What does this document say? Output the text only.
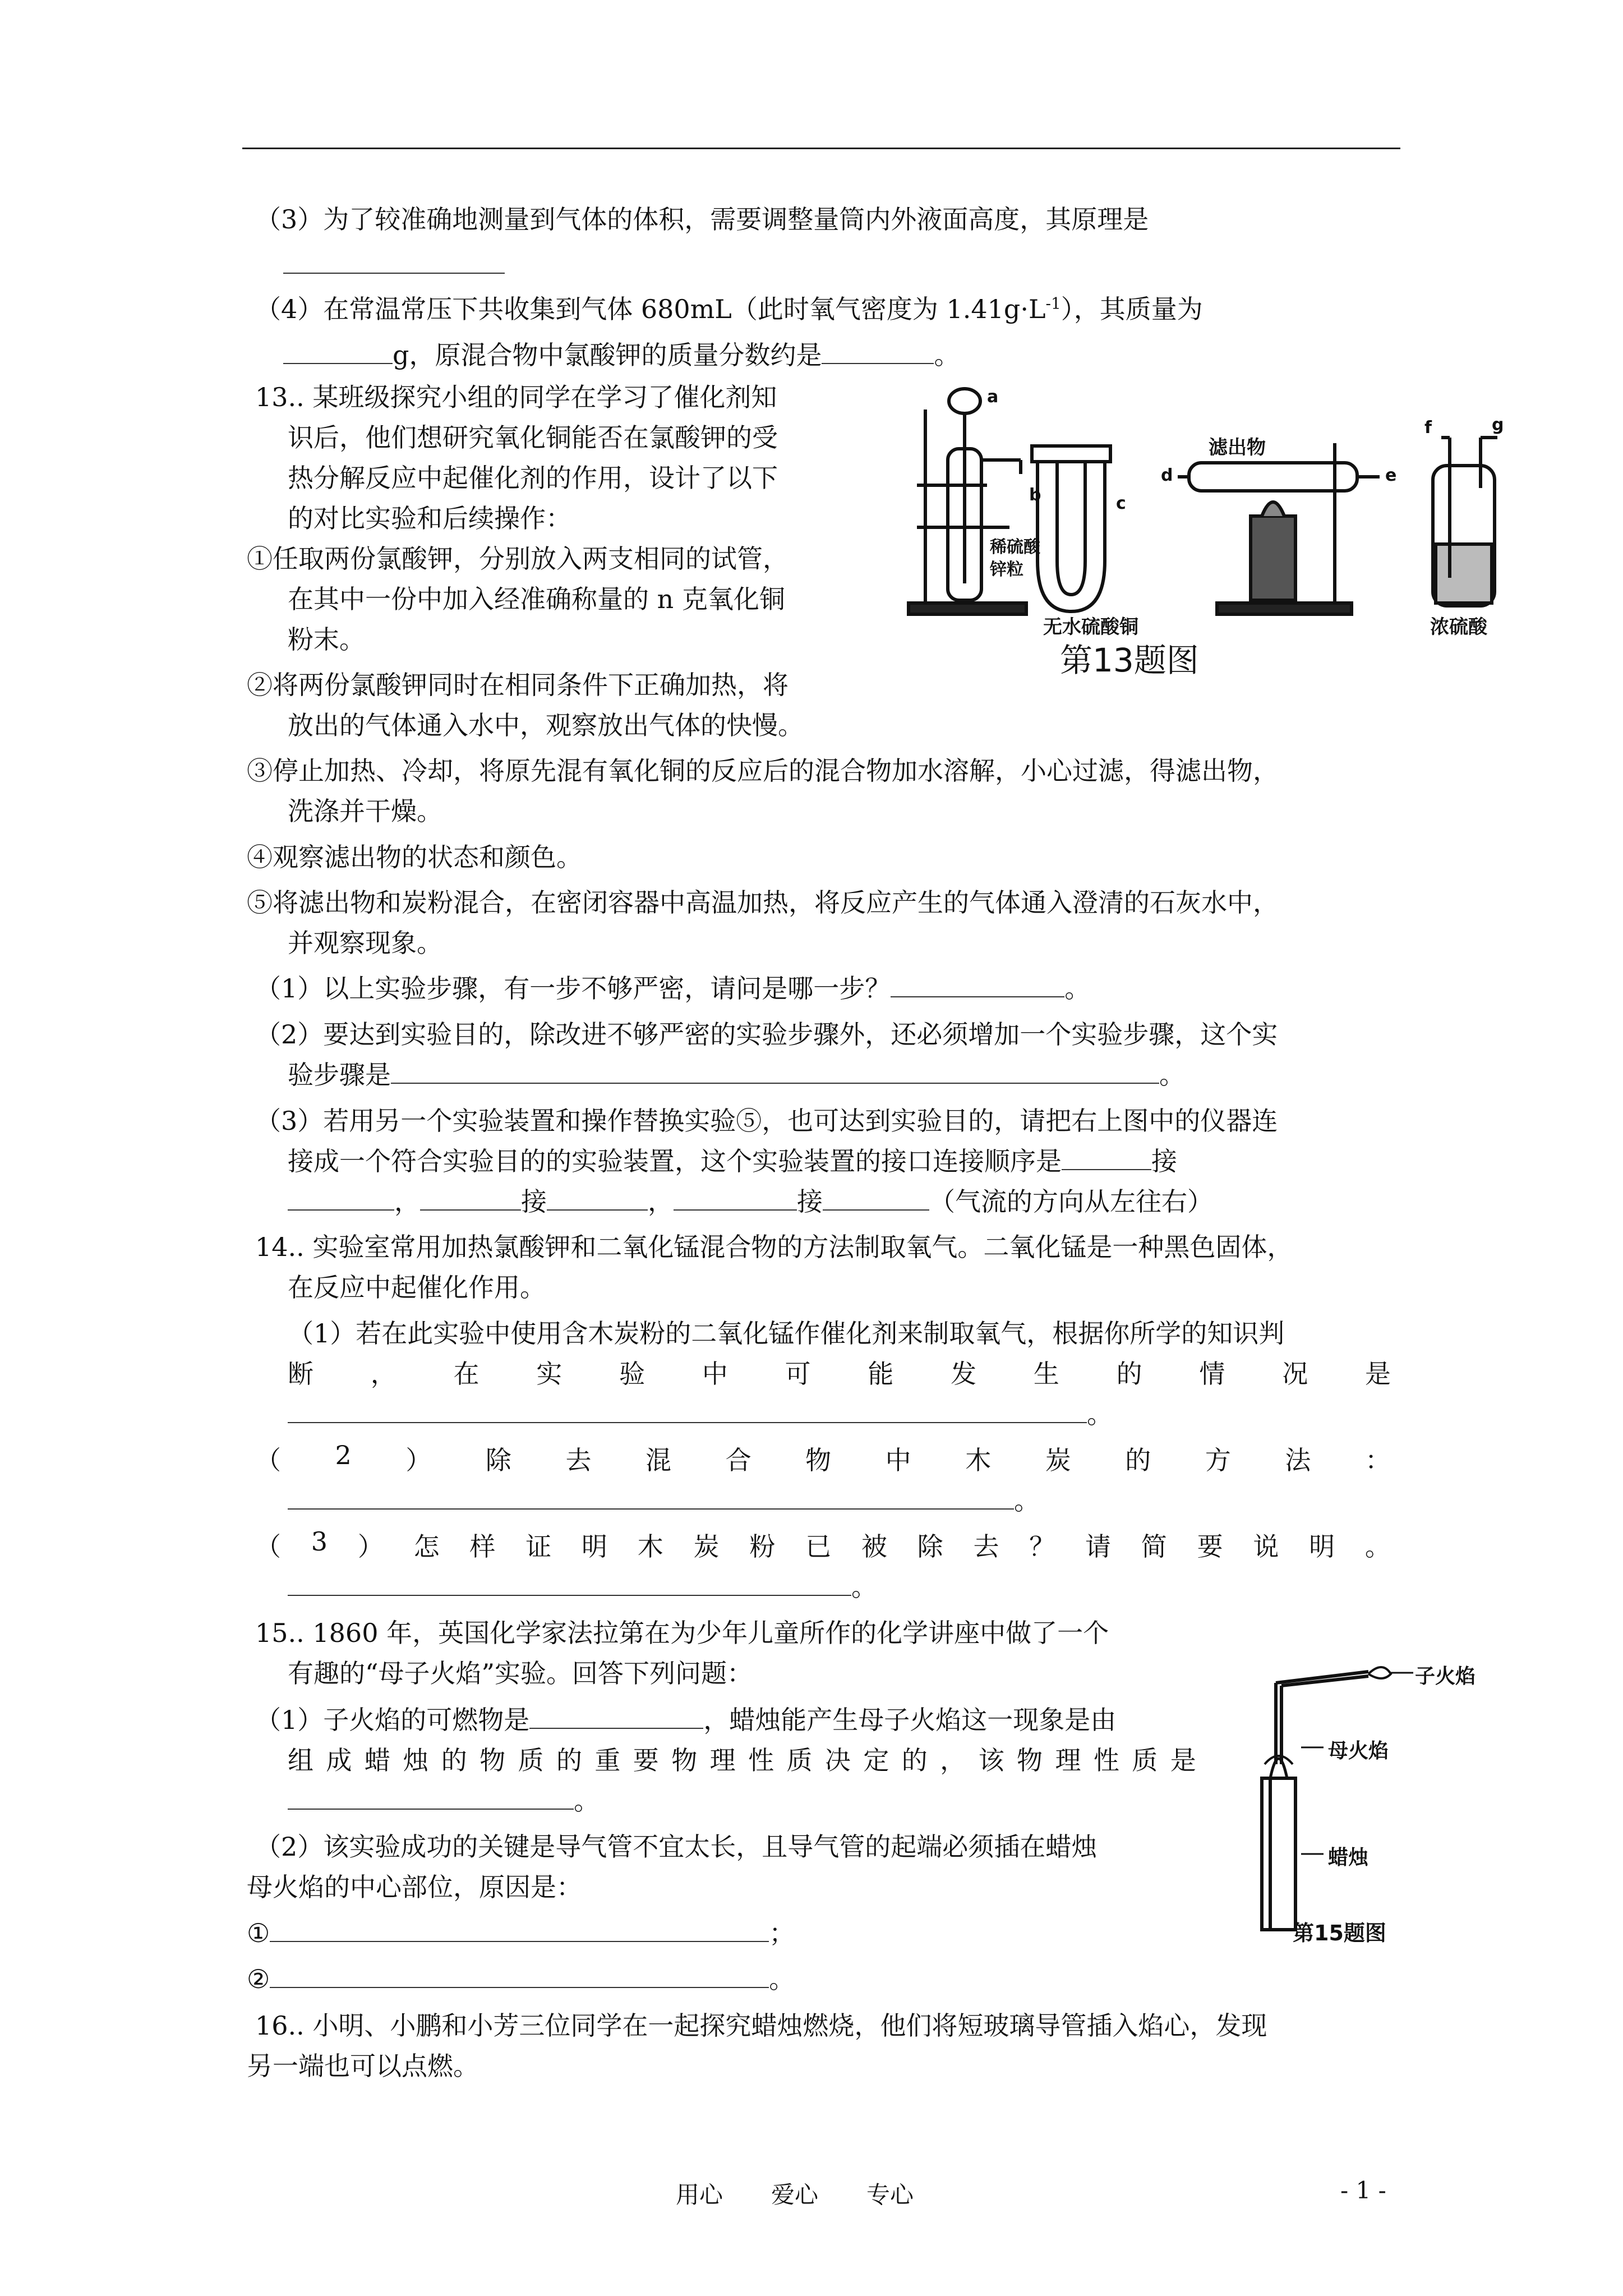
（3）为了较准确地测量到气体的体积，需要调整量筒内外液面高度，其原理是
（4）在常温常压下共收集到气体 680mL（此时氧气密度为 $1.41g\cdot L^{-1}$），其质量为
g，原混合物中氯酸钾的质量分数约是	。
13.. 某班级探究小组的同学在学习了催化剂知
识后，他们想研究氧化铜能否在氯酸钾的受
热分解反应中起催化剂的作用，设计了以下
的对比实验和后续操作：
①任取两份氯酸钾，分别放入两支相同的试管，
在其中一份中加入经准确称量的 n 克氧化铜
粉末。
②将两份氯酸钾同时在相同条件下正确加热，将
放出的气体通入水中，观察放出气体的快慢。
③停止加热、冷却，将原先混有氧化铜的反应后的混合物加水溶解，小心过滤，得滤出物，
洗涤并干燥。
④观察滤出物的状态和颜色。
⑤将滤出物和炭粉混合，在密闭容器中高温加热，将反应产生的气体通入澄清的石灰水中，
并观察现象。
（1）以上实验步骤，有一步不够严密，请问是哪一步？	。
（2）要达到实验目的，除改进不够严密的实验步骤外，还必须增加一个实验步骤，这个实
验步骤是	。
（3）若用另一个实验装置和操作替换实验⑤，也可达到实验目的，请把右上图中的仪器连
接成一个符合实验目的的实验装置，这个实验装置的接口连接顺序是	接
，	接	，	接	（气流的方向从左往右）
a
b	c
d	e
f	g
滤出物
稀硫酸
锌粒
无水硫酸铜	浓硫酸
第13题图
14.. 实验室常用加热氯酸钾和二氧化锰混合物的方法制取氧气。二氧化锰是一种黑色固体，
在反应中起催化作用。
（1）若在此实验中使用含木炭粉的二氧化锰作催化剂来制取氧气，根据你所学的知识判
断 ， 在 实 验 中 可 能 发 生 的 情 况 是
。
（ 2 ） 除 去 混 合 物 中 木 炭 的 方 法 ：
。
（ 3 ） 怎 样 证 明 木 炭 粉 已 被 除 去 ？ 请 简 要 说 明 。
。
15.. 1860 年，英国化学家法拉第在为少年儿童所作的化学讲座中做了一个
有趣的“母子火焰”实验。回答下列问题：
（1）子火焰的可燃物是	，蜡烛能产生母子火焰这一现象是由
组 成 蜡 烛 的 物 质 的 重 要 物 理 性 质 决 定 的 ， 该 物 理 性 质 是
。
（2）该实验成功的关键是导气管不宜太长，且导气管的起端必须插在蜡烛
母火焰的中心部位，原因是：
①	；
②	。
子火焰
母火焰
蜡烛
第15题图
16.. 小明、小鹏和小芳三位同学在一起探究蜡烛燃烧，他们将短玻璃导管插入焰心，发现
另一端也可以点燃。
用心 爱心 专心	- 1 -
